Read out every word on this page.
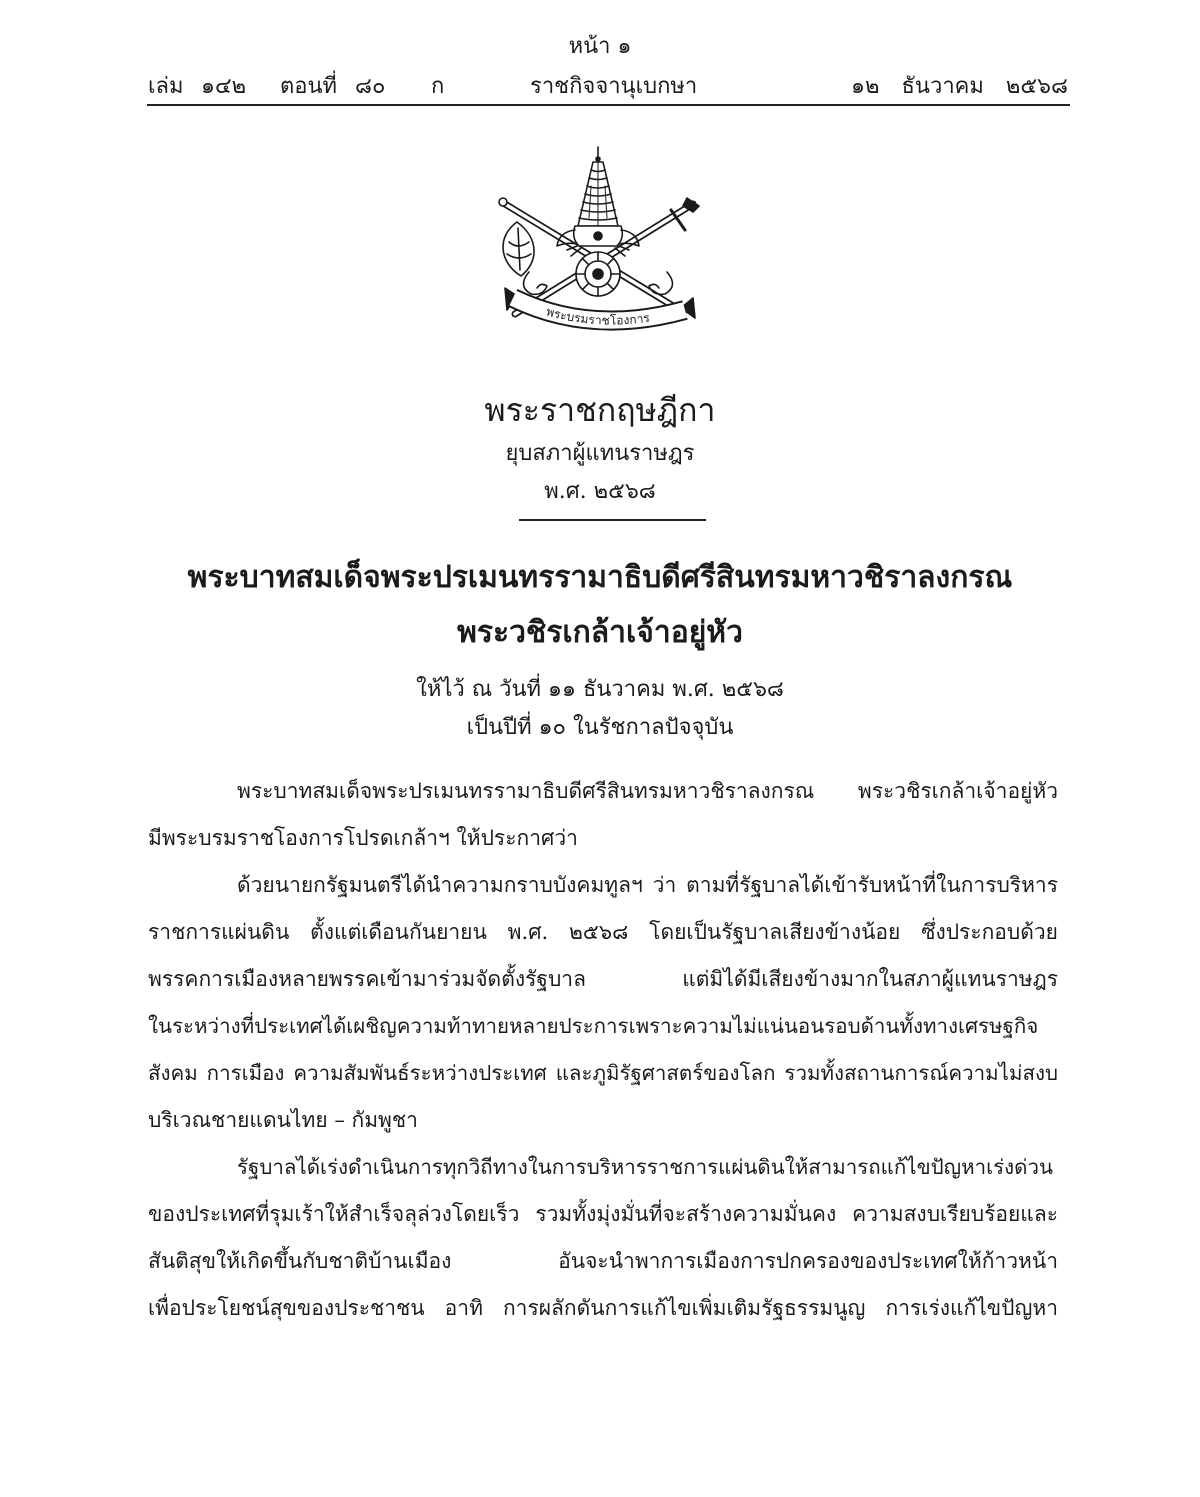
หน้า ๑
เล่ม ๑๔๒ ตอนที่ ๘๐ ก	ราชกิจจานุเบกษา	๑๒ ธันวาคม ๒๕๖๘
พระบรมราชโองการ
พระราชกฤษฎีกา
ยุบสภาผู้แทนราษฎร
พ.ศ. ๒๕๖๘
พระบาทสมเด็จพระปรเมนทรรามาธิบดีศรีสินทรมหาวชิราลงกรณ
พระวชิรเกล้าเจ้าอยู่หัว
ให้ไว้ ณ วันที่ ๑๑ ธันวาคม พ.ศ. ๒๕๖๘
เป็นปีที่ ๑๐ ในรัชกาลปัจจุบัน
พระบาทสมเด็จพระปรเมนทรรามาธิบดีศรีสินทรมหาวชิราลงกรณ พระวชิรเกล้าเจ้าอยู่หัว
มีพระบรมราชโองการโปรดเกล้าฯ ให้ประกาศว่า
ด้วยนายกรัฐมนตรีได้นำความกราบบังคมทูลฯ ว่า ตามที่รัฐบาลได้เข้ารับหน้าที่ในการบริหาร
ราชการแผ่นดิน ตั้งแต่เดือนกันยายน พ.ศ. ๒๕๖๘ โดยเป็นรัฐบาลเสียงข้างน้อย ซึ่งประกอบด้วย
พรรคการเมืองหลายพรรคเข้ามาร่วมจัดตั้งรัฐบาล แต่มิได้มีเสียงข้างมากในสภาผู้แทนราษฎร
ในระหว่างที่ประเทศได้เผชิญความท้าทายหลายประการเพราะความไม่แน่นอนรอบด้านทั้งทางเศรษฐกิจ
สังคม การเมือง ความสัมพันธ์ระหว่างประเทศ และภูมิรัฐศาสตร์ของโลก รวมทั้งสถานการณ์ความไม่สงบ
บริเวณชายแดนไทย – กัมพูชา
รัฐบาลได้เร่งดำเนินการทุกวิถีทางในการบริหารราชการแผ่นดินให้สามารถแก้ไขปัญหาเร่งด่วน
ของประเทศที่รุมเร้าให้สำเร็จลุล่วงโดยเร็ว รวมทั้งมุ่งมั่นที่จะสร้างความมั่นคง ความสงบเรียบร้อยและ
สันติสุขให้เกิดขึ้นกับชาติบ้านเมือง อันจะนำพาการเมืองการปกครองของประเทศให้ก้าวหน้า
เพื่อประโยชน์สุขของประชาชน อาทิ การผลักดันการแก้ไขเพิ่มเติมรัฐธรรมนูญ การเร่งแก้ไขปัญหา
